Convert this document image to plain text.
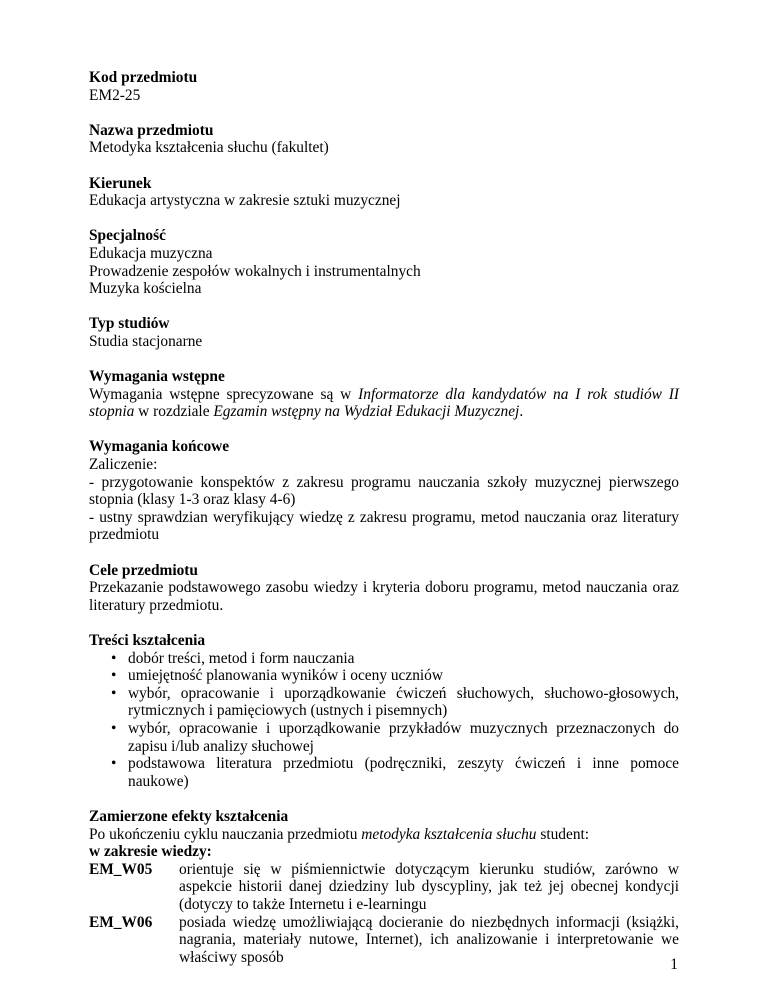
Kod przedmiotu
EM2-25
Nazwa przedmiotu
Metodyka kształcenia słuchu (fakultet)
Kierunek
Edukacja artystyczna w zakresie sztuki muzycznej
Specjalność
Edukacja muzyczna
Prowadzenie zespołów wokalnych i instrumentalnych
Muzyka kościelna
Typ studiów
Studia stacjonarne
Wymagania wstępne
Wymagania wstępne sprecyzowane są w Informatorze dla kandydatów na I rok studiów II stopnia w rozdziale Egzamin wstępny na Wydział Edukacji Muzycznej.
Wymagania końcowe
Zaliczenie:
- przygotowanie konspektów z zakresu programu nauczania szkoły muzycznej pierwszego stopnia (klasy 1-3 oraz klasy 4-6)
- ustny sprawdzian weryfikujący wiedzę z zakresu programu, metod nauczania oraz literatury przedmiotu
Cele przedmiotu
Przekazanie podstawowego zasobu wiedzy i kryteria doboru programu, metod nauczania oraz literatury przedmiotu.
Treści kształcenia
• dobór treści, metod i form nauczania
• umiejętność planowania wyników i oceny uczniów
• wybór, opracowanie i uporządkowanie ćwiczeń słuchowych, słuchowo-głosowych, rytmicznych i pamięciowych (ustnych i pisemnych)
• wybór, opracowanie i uporządkowanie przykładów muzycznych przeznaczonych do zapisu i/lub analizy słuchowej
• podstawowa literatura przedmiotu (podręczniki, zeszyty ćwiczeń i inne pomoce naukowe)
Zamierzone efekty kształcenia
Po ukończeniu cyklu nauczania przedmiotu metodyka kształcenia słuchu student:
w zakresie wiedzy:
EM_W05	orientuje się w piśmiennictwie dotyczącym kierunku studiów, zarówno w aspekcie historii danej dziedziny lub dyscypliny, jak też jej obecnej kondycji (dotyczy to także Internetu i e-learningu
EM_W06	posiada wiedzę umożliwiającą docieranie do niezbędnych informacji (książki, nagrania, materiały nutowe, Internet), ich analizowanie i interpretowanie we właściwy sposób	1
